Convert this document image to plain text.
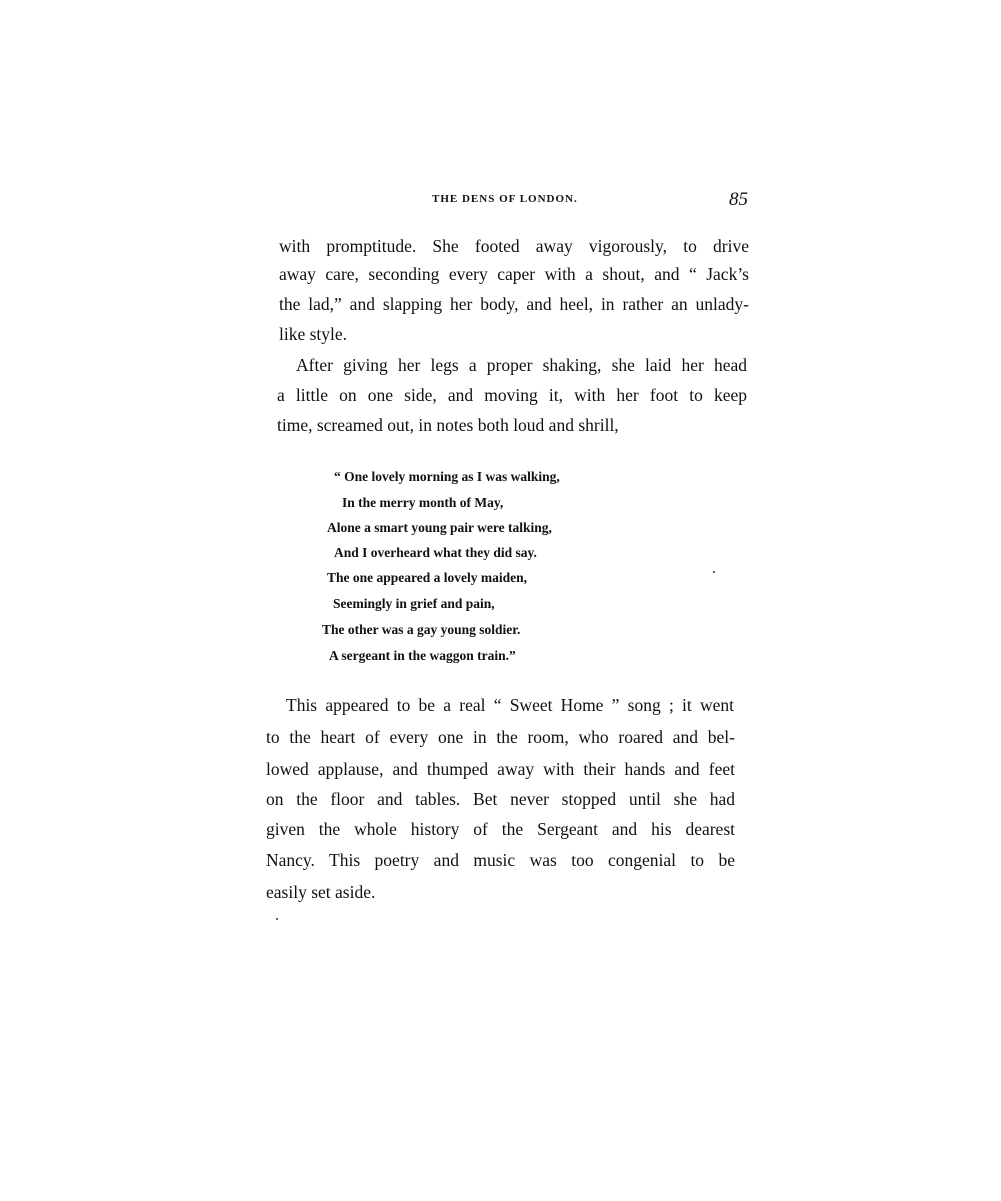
THE DENS OF LONDON.	85
with promptitude. She footed away vigorously, to drive
away care, seconding every caper with a shout, and “ Jack’s
the lad,” and slapping her body, and heel, in rather an unlady-
like style.
After giving her legs a proper shaking, she laid her head
a little on one side, and moving it, with her foot to keep
time, screamed out, in notes both loud and shrill,
“ One lovely morning as I was walking,
In the merry month of May,
Alone a smart young pair were talking,
And I overheard what they did say.
The one appeared a lovely maiden,
Seemingly in grief and pain,
The other was a gay young soldier.
A sergeant in the waggon train.”
This appeared to be a real “ Sweet Home ” song ; it went
to the heart of every one in the room, who roared and bel-
lowed applause, and thumped away with their hands and feet
on the floor and tables. Bet never stopped until she had
given the whole history of the Sergeant and his dearest
Nancy. This poetry and music was too congenial to be
easily set aside.
